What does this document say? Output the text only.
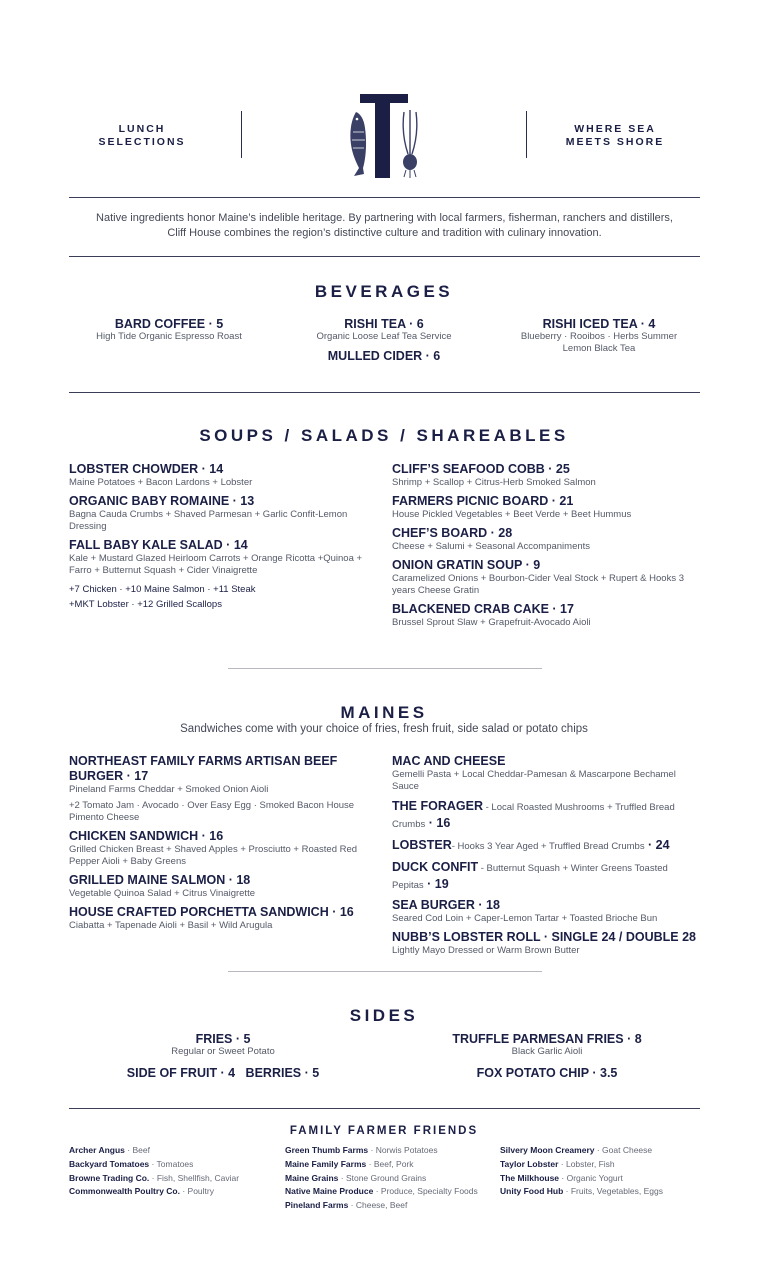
LUNCH
SELECTIONS
WHERE SEA
MEETS SHORE
Native ingredients honor Maine’s indelible heritage. By partnering with local farmers, fisherman, ranchers and distillers,
Cliff House combines the region’s distinctive culture and tradition with culinary innovation.
BEVERAGES
BARD COFFEE · 5
High Tide Organic Espresso Roast
RISHI TEA · 6
Organic Loose Leaf Tea Service
MULLED CIDER · 6
RISHI ICED TEA · 4
Blueberry · Rooibos · Herbs Summer Lemon Black Tea
SOUPS / SALADS / SHAREABLES
LOBSTER CHOWDER · 14
Maine Potatoes + Bacon Lardons + Lobster
ORGANIC BABY ROMAINE · 13
Bagna Cauda Crumbs + Shaved Parmesan + Garlic Confit-Lemon Dressing
FALL BABY KALE SALAD · 14
Kale + Mustard Glazed Heirloom Carrots + Orange Ricotta +Quinoa + Farro + Butternut Squash + Cider Vinaigrette
+7 Chicken · +10 Maine Salmon · +11 Steak
+MKT Lobster · +12 Grilled Scallops
CLIFF’S SEAFOOD COBB · 25
Shrimp + Scallop + Citrus-Herb Smoked Salmon
FARMERS PICNIC BOARD · 21
House Pickled Vegetables + Beet Verde + Beet Hummus
CHEF’S BOARD · 28
Cheese + Salumi + Seasonal Accompaniments
ONION GRATIN SOUP · 9
Caramelized Onions + Bourbon-Cider Veal Stock + Rupert & Hooks 3 years Cheese Gratin
BLACKENED CRAB CAKE · 17
Brussel Sprout Slaw + Grapefruit-Avocado Aioli
MAINES
Sandwiches come with your choice of fries, fresh fruit, side salad or potato chips
NORTHEAST FAMILY FARMS ARTISAN BEEF BURGER · 17
Pineland Farms Cheddar + Smoked Onion Aioli
+2 Tomato Jam · Avocado · Over Easy Egg · Smoked Bacon House Pimento Cheese
CHICKEN SANDWICH · 16
Grilled Chicken Breast + Shaved Apples + Prosciutto + Roasted Red Pepper Aioli + Baby Greens
GRILLED MAINE SALMON · 18
Vegetable Quinoa Salad + Citrus Vinaigrette
HOUSE CRAFTED PORCHETTA SANDWICH · 16
Ciabatta + Tapenade Aioli + Basil + Wild Arugula
MAC AND CHEESE
Gemelli Pasta + Local Cheddar-Pamesan & Mascarpone Bechamel Sauce
THE FORAGER - Local Roasted Mushrooms + Truffled Bread Crumbs · 16
LOBSTER- Hooks 3 Year Aged + Truffled Bread Crumbs · 24
DUCK CONFIT - Butternut Squash + Winter Greens Toasted Pepitas · 19
SEA BURGER · 18
Seared Cod Loin + Caper-Lemon Tartar + Toasted Brioche Bun
NUBB’S LOBSTER ROLL · SINGLE 24 / DOUBLE 28
Lightly Mayo Dressed or Warm Brown Butter
SIDES
FRIES · 5
Regular or Sweet Potato
SIDE OF FRUIT · 4   BERRIES · 5
TRUFFLE PARMESAN FRIES · 8
Black Garlic Aioli
FOX POTATO CHIP · 3.5
FAMILY FARMER FRIENDS
Archer Angus · Beef
Backyard Tomatoes · Tomatoes
Browne Trading Co. · Fish, Shellfish, Caviar
Commonwealth Poultry Co. · Poultry
Green Thumb Farms · Norwis Potatoes
Maine Family Farms · Beef, Pork
Maine Grains · Stone Ground Grains
Native Maine Produce · Produce, Specialty Foods
Pineland Farms · Cheese, Beef
Silvery Moon Creamery · Goat Cheese
Taylor Lobster · Lobster, Fish
The Milkhouse · Organic Yogurt
Unity Food Hub · Fruits, Vegetables, Eggs
